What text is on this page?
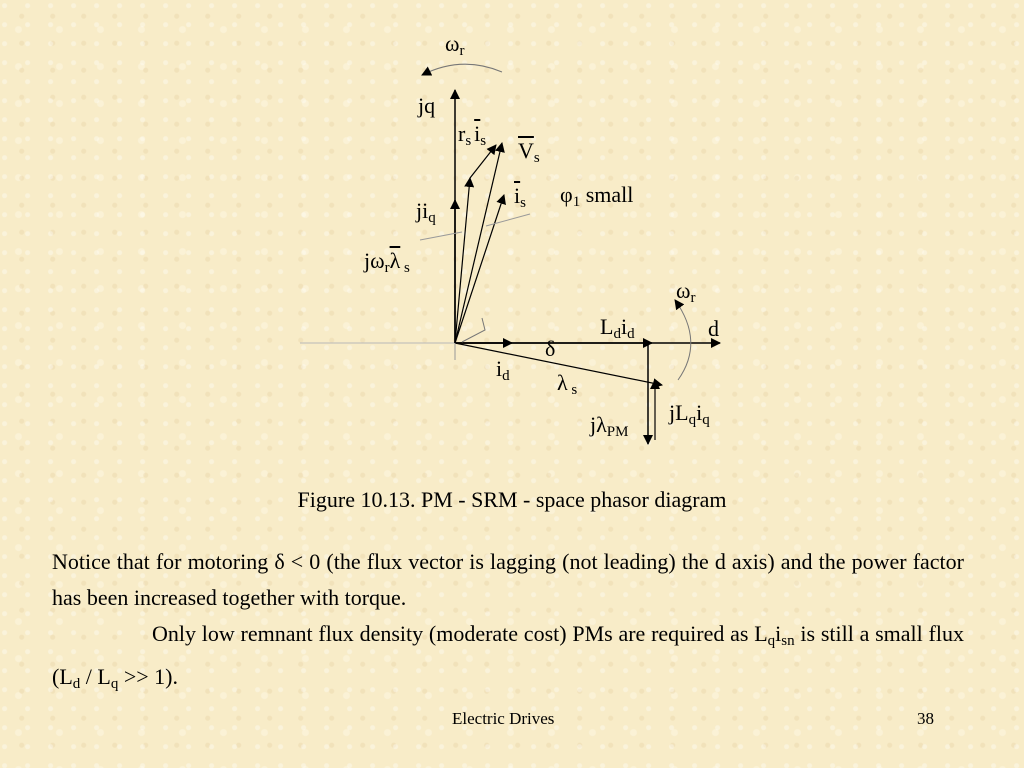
$\omega_r$
jq
$r_s$ $\overline{i}_s$ $\overline{V}_s$
$\overline{i}_s$ $\varphi_1$ small
$ji_q$
$j\omega_r\overline{\lambda}$ $_s$
$\omega_r$
$L_di_d$	d
δ
$i_d$ λ $_s$
$jL_qi_q$
$j\lambda_{PM}$
Figure 10.13. PM - SRM - space phasor diagram

Notice that for motoring δ < 0 (the flux vector is lagging (not leading) the d axis) and the power factor has been increased together with torque.
Only low remnant flux density (moderate cost) PMs are required as $L_qi_{sn}$ is still a small flux $(L_d / L_q >> 1)$.

Electric Drives	38
